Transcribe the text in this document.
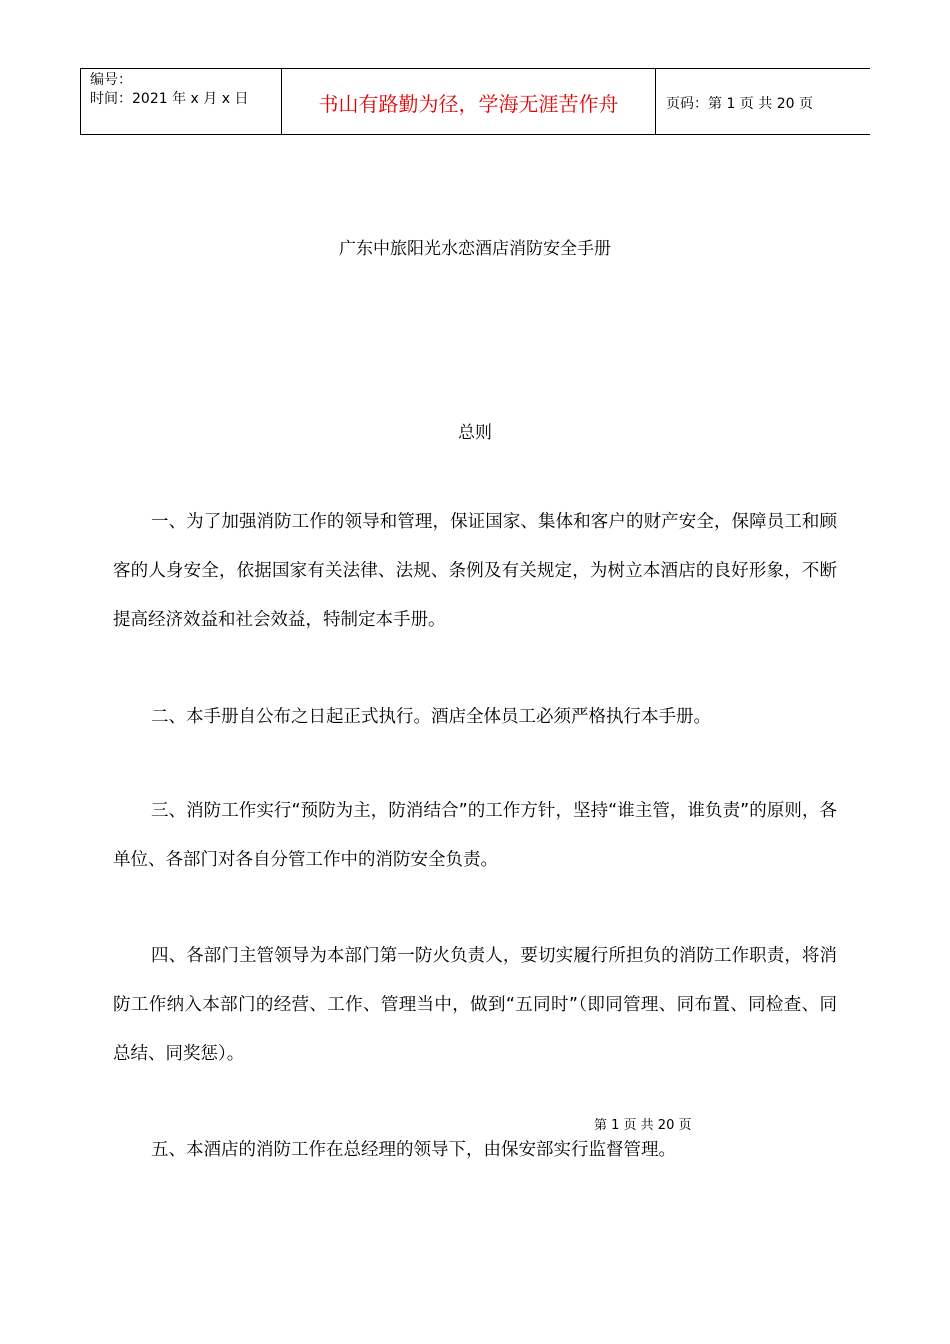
编号：
时间：2021 年 x 月 x 日	书山有路勤为径，学海无涯苦作舟	页码：第 1 页 共 20 页
广东中旅阳光水恋酒店消防安全手册
总则

一、为了加强消防工作的领导和管理，保证国家、集体和客户的财产安全，保障员工和顾客的人身安全，依据国家有关法律、法规、条例及有关规定，为树立本酒店的良好形象，不断提高经济效益和社会效益，特制定本手册。

二、本手册自公布之日起正式执行。酒店全体员工必须严格执行本手册。

三、消防工作实行“预防为主，防消结合”的工作方针，坚持“谁主管，谁负责”的原则，各单位、各部门对各自分管工作中的消防安全负责。

四、各部门主管领导为本部门第一防火负责人，要切实履行所担负的消防工作职责，将消防工作纳入本部门的经营、工作、管理当中，做到“五同时”（即同管理、同布置、同检查、同总结、同奖惩）。

第 1 页 共 20 页

五、本酒店的消防工作在总经理的领导下，由保安部实行监督管理。
